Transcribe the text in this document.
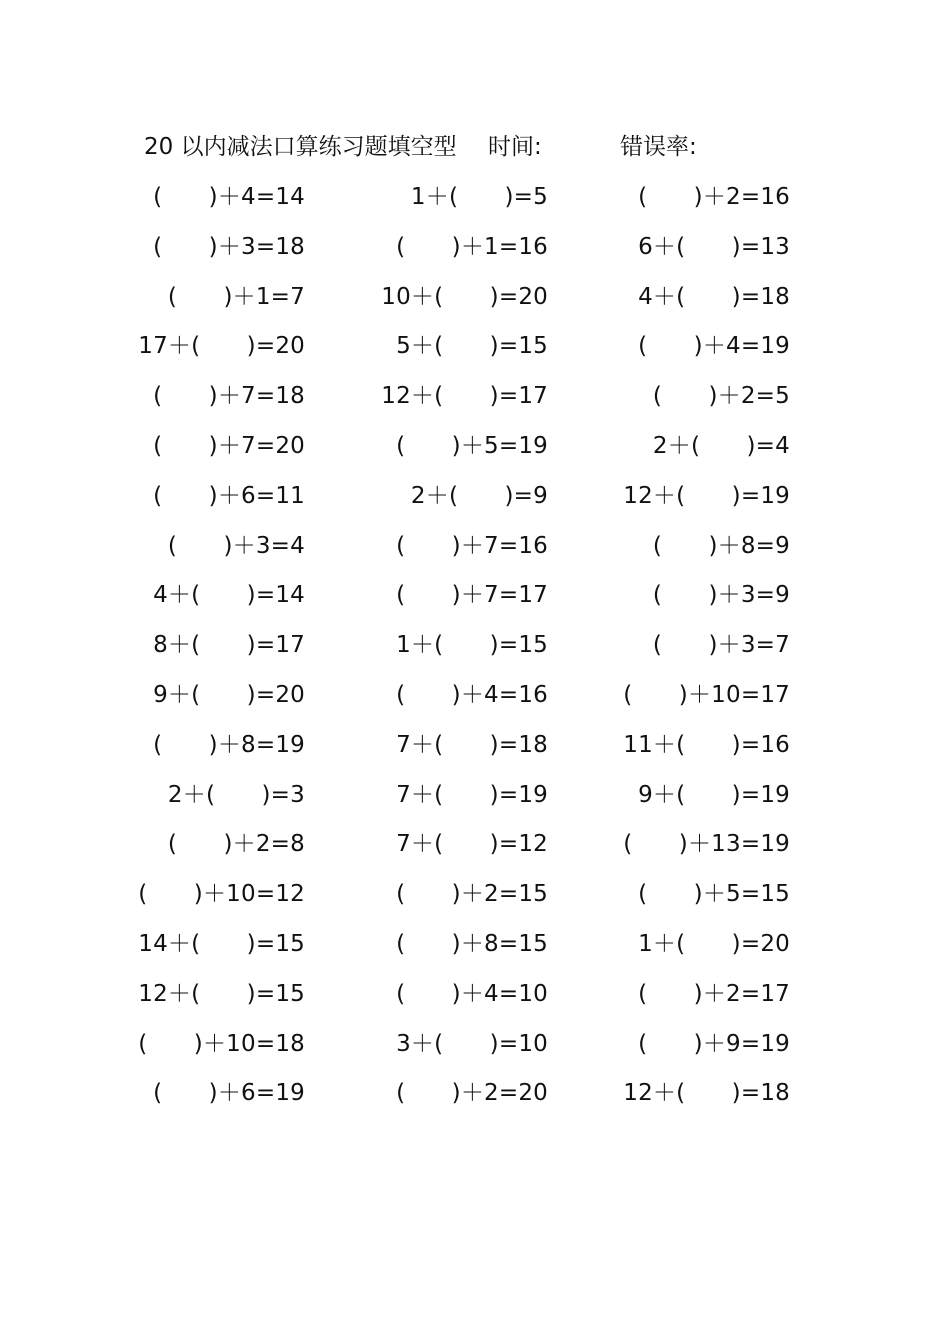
20 以内减法口算练习题填空型 时间:	错误率:
(　　)＋4=14	1＋(　　)=5	(　　)＋2=16
(　　)＋3=18	(　　)＋1=16	6＋(　　)=13
(　　)＋1=7	10＋(　　)=20	4＋(　　)=18
17＋(　　)=20	5＋(　　)=15	(　　)＋4=19
(　　)＋7=18	12＋(　　)=17	(　　)＋2=5
(　　)＋7=20	(　　)＋5=19	2＋(　　)=4
(　　)＋6=11	2＋(　　)=9	12＋(　　)=19
(　　)＋3=4	(　　)＋7=16	(　　)＋8=9
4＋(　　)=14	(　　)＋7=17	(　　)＋3=9
8＋(　　)=17	1＋(　　)=15	(　　)＋3=7
9＋(　　)=20	(　　)＋4=16	(　　)＋10=17
(　　)＋8=19	7＋(　　)=18	11＋(　　)=16
2＋(　　)=3	7＋(　　)=19	9＋(　　)=19
(　　)＋2=8	7＋(　　)=12	(　　)＋13=19
(　　)＋10=12	(　　)＋2=15	(　　)＋5=15
14＋(　　)=15	(　　)＋8=15	1＋(　　)=20
12＋(　　)=15	(　　)＋4=10	(　　)＋2=17
(　　)＋10=18	3＋(　　)=10	(　　)＋9=19
(　　)＋6=19	(　　)＋2=20	12＋(　　)=18
